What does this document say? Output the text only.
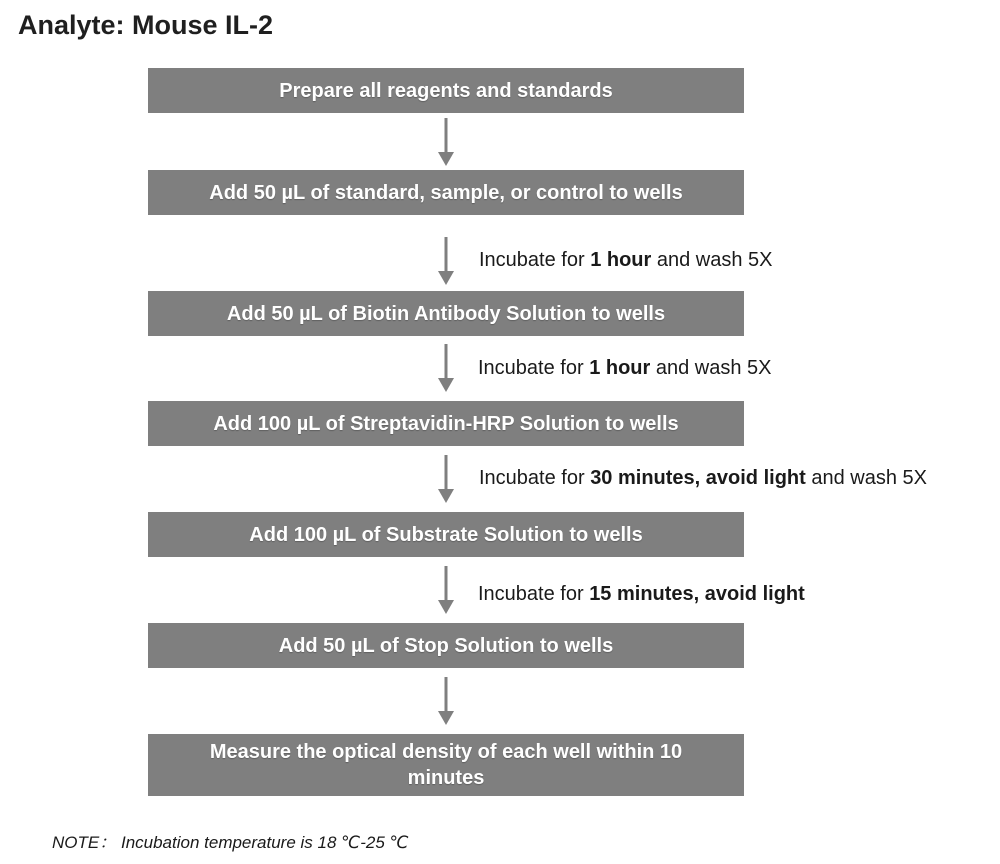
Analyte: Mouse IL-2
Prepare all reagents and standards
Add 50 µL of standard, sample, or control to wells
Incubate for 1 hour and wash 5X
Add 50 µL of Biotin Antibody Solution to wells
Incubate for 1 hour and wash 5X
Add 100 µL of Streptavidin-HRP Solution to wells
Incubate for 30 minutes, avoid light and wash 5X
Add 100 µL of Substrate Solution to wells
Incubate for 15 minutes, avoid light
Add 50 µL of Stop Solution to wells
Measure the optical density of each well within 10 minutes
NOTE： Incubation temperature is 18 ℃-25 ℃
